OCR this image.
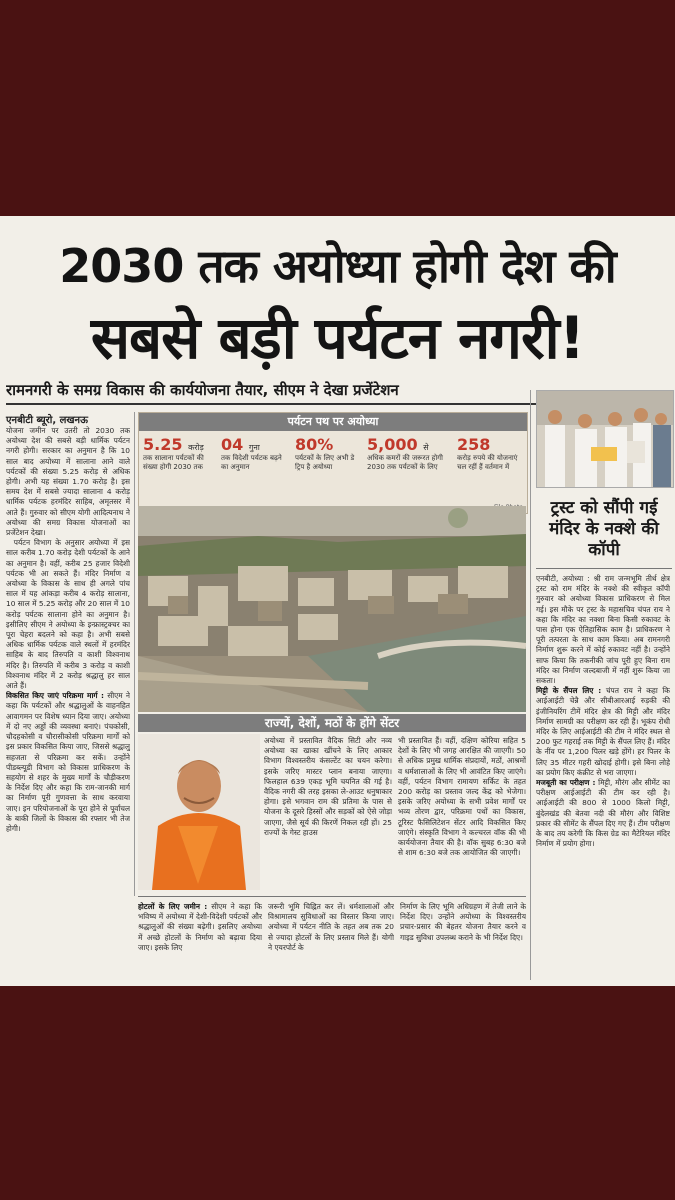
2030 तक अयोध्या होगी देश की
सबसे बड़ी पर्यटन नगरी!
रामनगरी के समग्र विकास की कार्ययोजना तैयार, सीएम ने देखा प्रजेंटेशन
एनबीटी ब्यूरो, लखनऊ
योजना जमीन पर उतरी तो 2030 तक अयोध्या देश की सबसे बड़ी धार्मिक पर्यटन नगरी होगी। सरकार का अनुमान है कि 10 साल बाद अयोध्या में सालाना आने वाले पर्यटकों की संख्या 5.25 करोड़ से अधिक होगी। अभी यह संख्या 1.70 करोड़ है। इस समय देश में सबसे ज्यादा सालाना 4 करोड़ धार्मिक पर्यटक हरमंदिर साहिब, अमृतसर में आते हैं। गुरुवार को सीएम योगी आदित्यनाथ ने अयोध्या की समग्र विकास योजनाओं का प्रजेंटेशन देखा।
पर्यटन विभाग के अनुसार अयोध्या में इस साल करीब 1.70 करोड़ देशी पर्यटकों के आने का अनुमान है। वहीं, करीब 25 हजार विदेशी पर्यटक भी आ सकते हैं। मंदिर निर्माण व अयोध्या के विकास के साथ ही अगले पांच साल में यह आंकड़ा करीब 4 करोड़ सालाना, 10 साल में 5.25 करोड़ और 20 साल में 10 करोड़ पर्यटक सालाना होने का अनुमान है। इसीलिए सीएम ने अयोध्या के इन्फ्रास्ट्रक्चर का पूरा चेहरा बदलने को कहा है। अभी सबसे अधिक धार्मिक पर्यटक वाले स्थलों में हरमंदिर साहिब के बाद तिरुपति व काशी विश्वनाथ मंदिर है। तिरुपति में करीब 3 करोड़ व काशी विश्वनाथ मंदिर में 2 करोड़ श्रद्धालु हर साल आते हैं।
विकसित किए जाएं परिक्रमा मार्ग : सीएम ने कहा कि पर्यटकों और श्रद्धालुओं के वाहनहित आवागमन पर विशेष ध्यान दिया जाए। अयोध्या में दो नए अड्डों की व्यवस्था बनाएं। पंचकोसी, चौदहकोसी व चौरासीकोसी परिक्रमा मार्गों को इस प्रकार विकसित किया जाए, जिससे श्रद्धालु सहजता से परिक्रमा कर सकें। उन्होंने पीडब्ल्यूडी विभाग को विकास प्राधिकरण के सहयोग से शहर के मुख्य मार्गों के चौड़ीकरण के निर्देश दिए और कहा कि राम-जानकी मार्ग का निर्माण पूरी गुणवत्ता के साथ करवाया जाए। इन परियोजनाओं के पूरा होने से पूर्वांचल के बाकी जिलों के विकास की रफ्तार भी तेज होगी।
पर्यटन पथ पर अयोध्या
5.25 करोड़
तक सालाना पर्यटकों की संख्या होगी 2030 तक
04 गुना
तक विदेशी पर्यटक बढ़ने का अनुमान
80%
पर्यटकों के लिए अभी डे ट्रिप है अयोध्या
5,000 से
अधिक कमरों की जरूरत होगी 2030 तक पर्यटकों के लिए
258
करोड़ रुपये की योजनाएं चल रहीं हैं वर्तमान में
राज्यों, देशों, मठों के होंगे सेंटर
अयोध्या में प्रस्तावित वैदिक सिटी और नव्य अयोध्या का खाका खींचने के लिए आकार विभाग विश्वस्तरीय कंसल्टेंट का चयन करेगा। इसके जरिए मास्टर प्लान बनाया जाएगा। फिलहाल 639 एकड़ भूमि चयनित की गई है। वैदिक नगरी की तरह इसका ले-आउट धनुषाकार होगा। इसे भगवान राम की प्रतिमा के पास से योजना के दूसरे हिस्सों और सड़कों को ऐसे जोड़ा जाएगा, जैसे सूर्य की किरणें निकल रही हों। 25 राज्यों के गेस्ट हाउस
भी प्रस्तावित हैं। वहीं, दक्षिण कोरिया सहित 5 देशों के लिए भी जगह आरक्षित की जाएगी। 50 से अधिक प्रमुख धार्मिक संप्रदायों, मठों, आश्रमों व धर्मशालाओं के लिए भी आवंटित किए जाएंगे। वहीं, पर्यटन विभाग रामायण सर्किट के तहत 200 करोड़ का प्रस्ताव जल्द केंद्र को भेजेगा। इसके जरिए अयोध्या के सभी प्रवेश मार्गों पर भव्य तोरण द्वार, परिक्रमा पथों का विकास, टूरिस्ट फैसिलिटेशन सेंटर आदि विकसित किए जाएंगे। संस्कृति विभाग ने कल्चरल वॉक की भी कार्ययोजना तैयार की है। वॉक सुबह 6:30 बजे से शाम 6:30 बजे तक आयोजित की जाएगी।
होटलों के लिए जमीन : सीएम ने कहा कि भविष्य में अयोध्या में देशी-विदेशी पर्यटकों और श्रद्धालुओं की संख्या बढ़ेगी। इसलिए अयोध्या में अच्छे होटलों के निर्माण को बढ़ावा दिया जाए। इसके लिए
जरूरी भूमि चिह्नित कर लें। धर्मशालाओं और विश्रामालय सुविधाओं का विस्तार किया जाए। अयोध्या में पर्यटन नीति के तहत अब तक 20 से ज्यादा होटलों के लिए प्रस्ताव मिले हैं। योगी ने एयरपोर्ट के
निर्माण के लिए भूमि अधिग्रहण में तेजी लाने के निर्देश दिए। उन्होंने अयोध्या के विश्वस्तरीय प्रचार-प्रसार की बेहतर योजना तैयार करने व गाइड सुविधा उपलब्ध कराने के भी निर्देश दिए।
ट्रस्ट को सौंपी गई मंदिर के नक्शे की कॉपी
एनबीटी, अयोध्या : श्री राम जन्मभूमि तीर्थ क्षेत्र ट्रस्ट को राम मंदिर के नक्शे की स्वीकृत कॉपी गुरुवार को अयोध्या विकास प्राधिकरण से मिल गई। इस मौके पर ट्रस्ट के महासचिव चंपत राय ने कहा कि मंदिर का नक्शा बिना किसी रुकावट के पास होना एक ऐतिहासिक काम है। प्राधिकरण ने पूरी तत्परता के साथ काम किया। अब रामनगरी निर्माण शुरू करने में कोई रुकावट नहीं है। उन्होंने साफ किया कि तकनीकी जांच पूरी हुए बिना राम मंदिर का निर्माण जल्दबाजी में नहीं शुरू किया जा सकता।
मिट्टी के सैंपल लिए : चंपत राय ने कहा कि आईआईटी चेन्नै और सीबीआरआई रुड़की की इंजीनियरिंग टीमें मंदिर क्षेत्र की मिट्टी और मंदिर निर्माण सामग्री का परीक्षण कर रही हैं। भूकंप रोधी मंदिर के लिए आईआईटी की टीम ने मंदिर स्थल से 200 फुट गहराई तक मिट्टी के सैंपल लिए हैं। मंदिर के नींव पर 1,200 पिलर खड़े होंगे। हर पिलर के लिए 35 मीटर गहरी खोदाई होगी। इसे बिना लोहे का प्रयोग किए कंक्रीट से भरा जाएगा।
मजबूती का परीक्षण : मिट्टी, मौरंग और सीमेंट का परीक्षण आईआईटी की टीम कर रही है। आईआईटी की 800 से 1000 किलो मिट्टी, बुंदेलखंड की बेतवा नदी की मौरंग और विशिष्ट प्रकार की सीमेंट के सैंपल दिए गए हैं। टीम परीक्षण के बाद तय करेगी कि किस ग्रेड का मैटेरियल मंदिर निर्माण में प्रयोग होगा।
